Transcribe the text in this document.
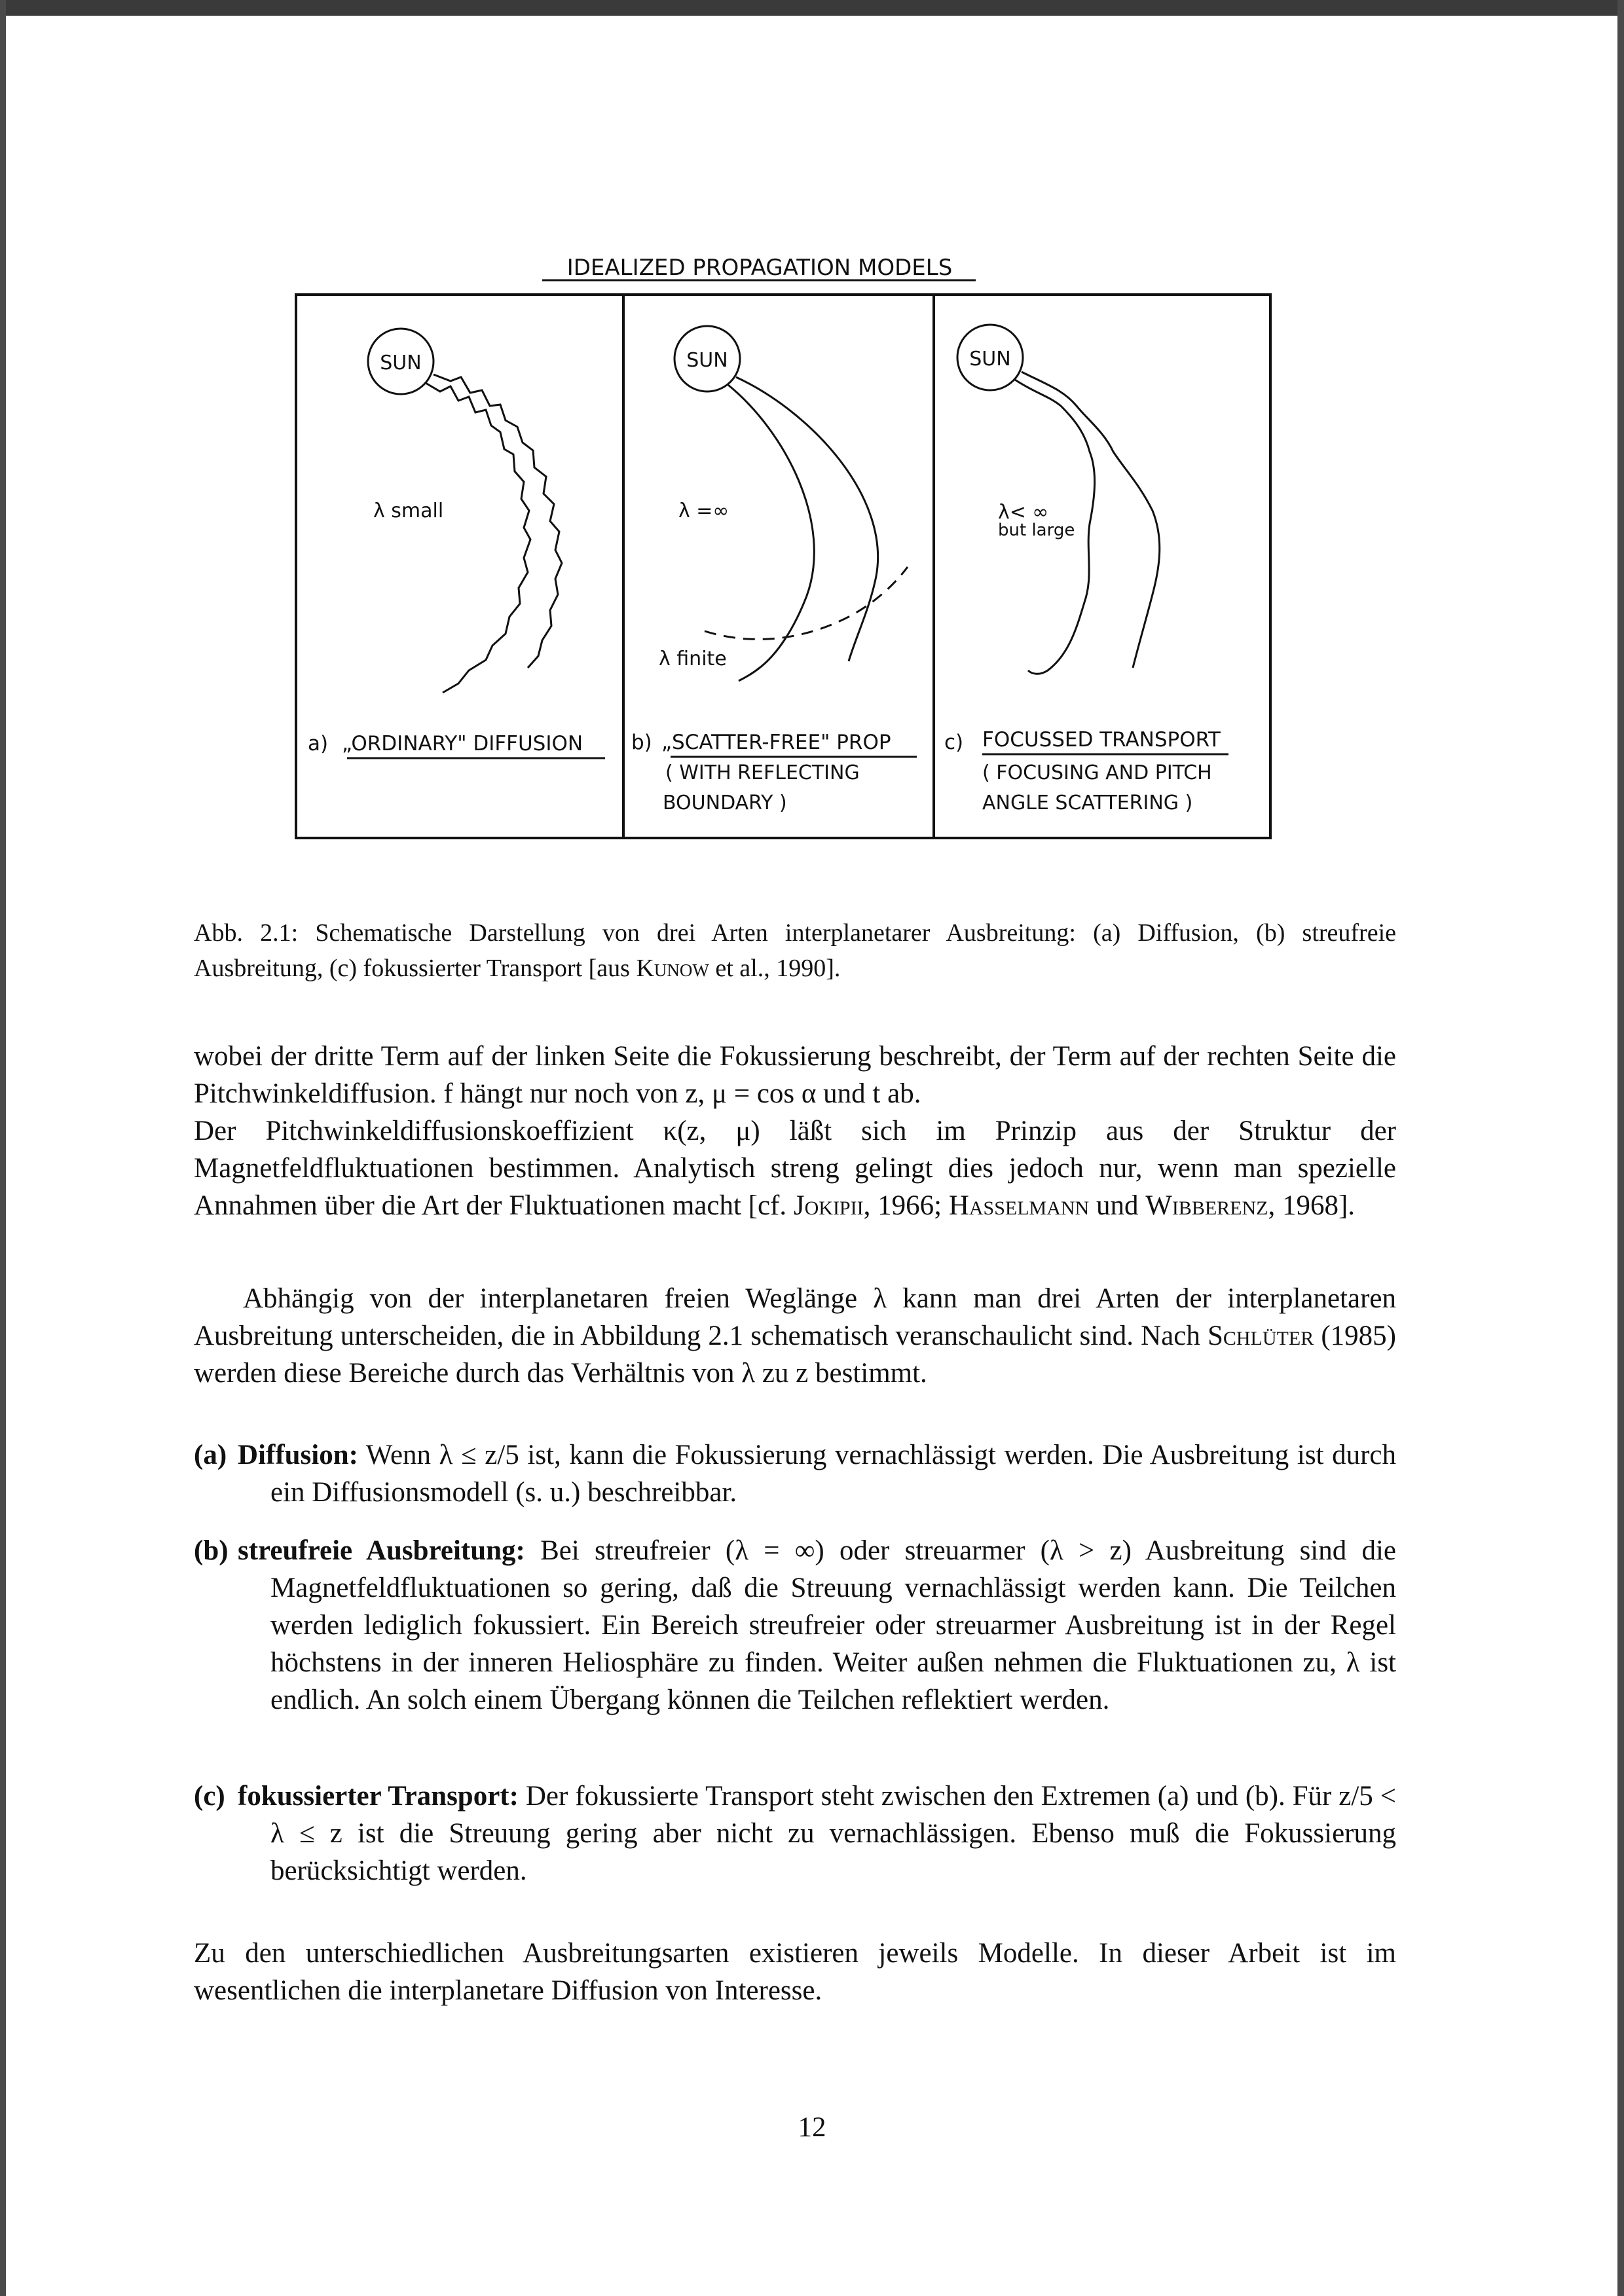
IDEALIZED PROPAGATION MODELS
SUN
λ small
a) „ORDINARY" DIFFUSION
SUN
λ =∞
λ finite
b) „SCATTER-FREE" PROP
( WITH REFLECTING
BOUNDARY )
SUN
λ< ∞
but large
c) FOCUSSED TRANSPORT
( FOCUSING AND PITCH
ANGLE SCATTERING )
Abb. 2.1: Schematische Darstellung von drei Arten interplanetarer Ausbreitung: (a) Diffusion, (b) streufreie Ausbreitung, (c) fokussierter Transport [aus Kunow et al., 1990].

wobei der dritte Term auf der linken Seite die Fokussierung beschreibt, der Term auf der rechten Seite die Pitchwinkeldiffusion. f hängt nur noch von z, μ = cos α und t ab.

Der Pitchwinkeldiffusionskoeffizient κ(z, μ) läßt sich im Prinzip aus der Struktur der Magnetfeldfluktuationen bestimmen. Analytisch streng gelingt dies jedoch nur, wenn man spezielle Annahmen über die Art der Fluktuationen macht [cf. Jokipii, 1966; Hasselmann und Wibberenz, 1968].

Abhängig von der interplanetaren freien Weglänge λ kann man drei Arten der interplanetaren Ausbreitung unterscheiden, die in Abbildung 2.1 schematisch veranschaulicht sind. Nach Schlüter (1985) werden diese Bereiche durch das Verhältnis von λ zu z bestimmt.

(a) Diffusion: Wenn λ ≤ z/5 ist, kann die Fokussierung vernachlässigt werden. Die Ausbreitung ist durch ein Diffusionsmodell (s. u.) beschreibbar.
(b) streufreie Ausbreitung: Bei streufreier (λ = ∞) oder streuarmer (λ > z) Ausbreitung sind die Magnetfeldfluktuationen so gering, daß die Streuung vernachlässigt werden kann. Die Teilchen werden lediglich fokussiert. Ein Bereich streufreier oder streuarmer Ausbreitung ist in der Regel höchstens in der inneren Heliosphäre zu finden. Weiter außen nehmen die Fluktuationen zu, λ ist endlich. An solch einem Übergang können die Teilchen reflektiert werden.
(c) fokussierter Transport: Der fokussierte Transport steht zwischen den Extremen (a) und (b). Für z/5 < λ ≤ z ist die Streuung gering aber nicht zu vernachlässigen. Ebenso muß die Fokussierung berücksichtigt werden.

Zu den unterschiedlichen Ausbreitungsarten existieren jeweils Modelle. In dieser Arbeit ist im wesentlichen die interplanetare Diffusion von Interesse.

12
